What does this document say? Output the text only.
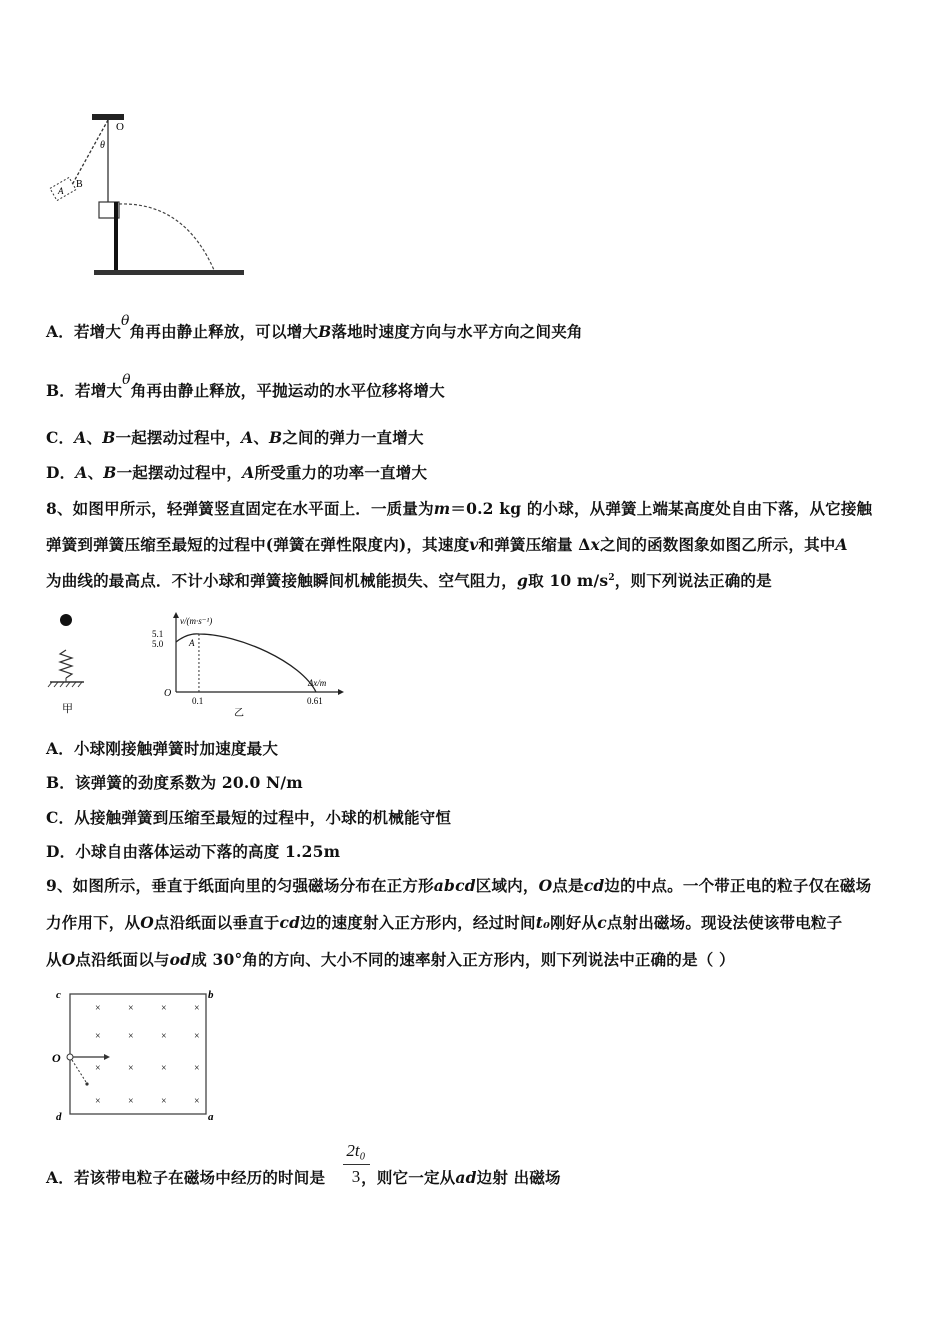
O
θ
A
B
A．若增大θ角再由静止释放，可以增大B落地时速度方向与水平方向之间夹角
B．若增大θ角再由静止释放，平抛运动的水平位移将增大
C．A、B一起摆动过程中，A、B之间的弹力一直增大
D．A、B一起摆动过程中，A所受重力的功率一直增大
8、如图甲所示，轻弹簧竖直固定在水平面上．一质量为m＝0.2 kg 的小球，从弹簧上端某高度处自由下落，从它接触
弹簧到弹簧压缩至最短的过程中(弹簧在弹性限度内)，其速度v和弹簧压缩量 Δx之间的函数图象如图乙所示，其中A
为曲线的最高点．不计小球和弹簧接触瞬间机械能损失、空气阻力，g取 10 $m/s^2$，则下列说法正确的是
甲
v/(m·s⁻¹)
Δx/m
O
5.1
5.0
0.1	0.61
A
乙
A．小球刚接触弹簧时加速度最大
B．该弹簧的劲度系数为 20.0 N/m
C．从接触弹簧到压缩至最短的过程中，小球的机械能守恒
D．小球自由落体运动下落的高度 1.25m
9、如图所示，垂直于纸面向里的匀强磁场分布在正方形abcd区域内，O点是cd边的中点。一个带正电的粒子仅在磁场
力作用下，从O点沿纸面以垂直于cd边的速度射入正方形内，经过时间t₀刚好从c点射出磁场。现设法使该带电粒子
从O点沿纸面以与od成 30°角的方向、大小不同的速率射入正方形内，则下列说法中正确的是（ ）
c	b
d	a
O
×
×
×
×
×
×
×
×
×
×
×
×
×
×
×
×
A．若该带电粒子在磁场中经历的时间是 ，则它一定从ad边射 出磁场
2t₀
3
